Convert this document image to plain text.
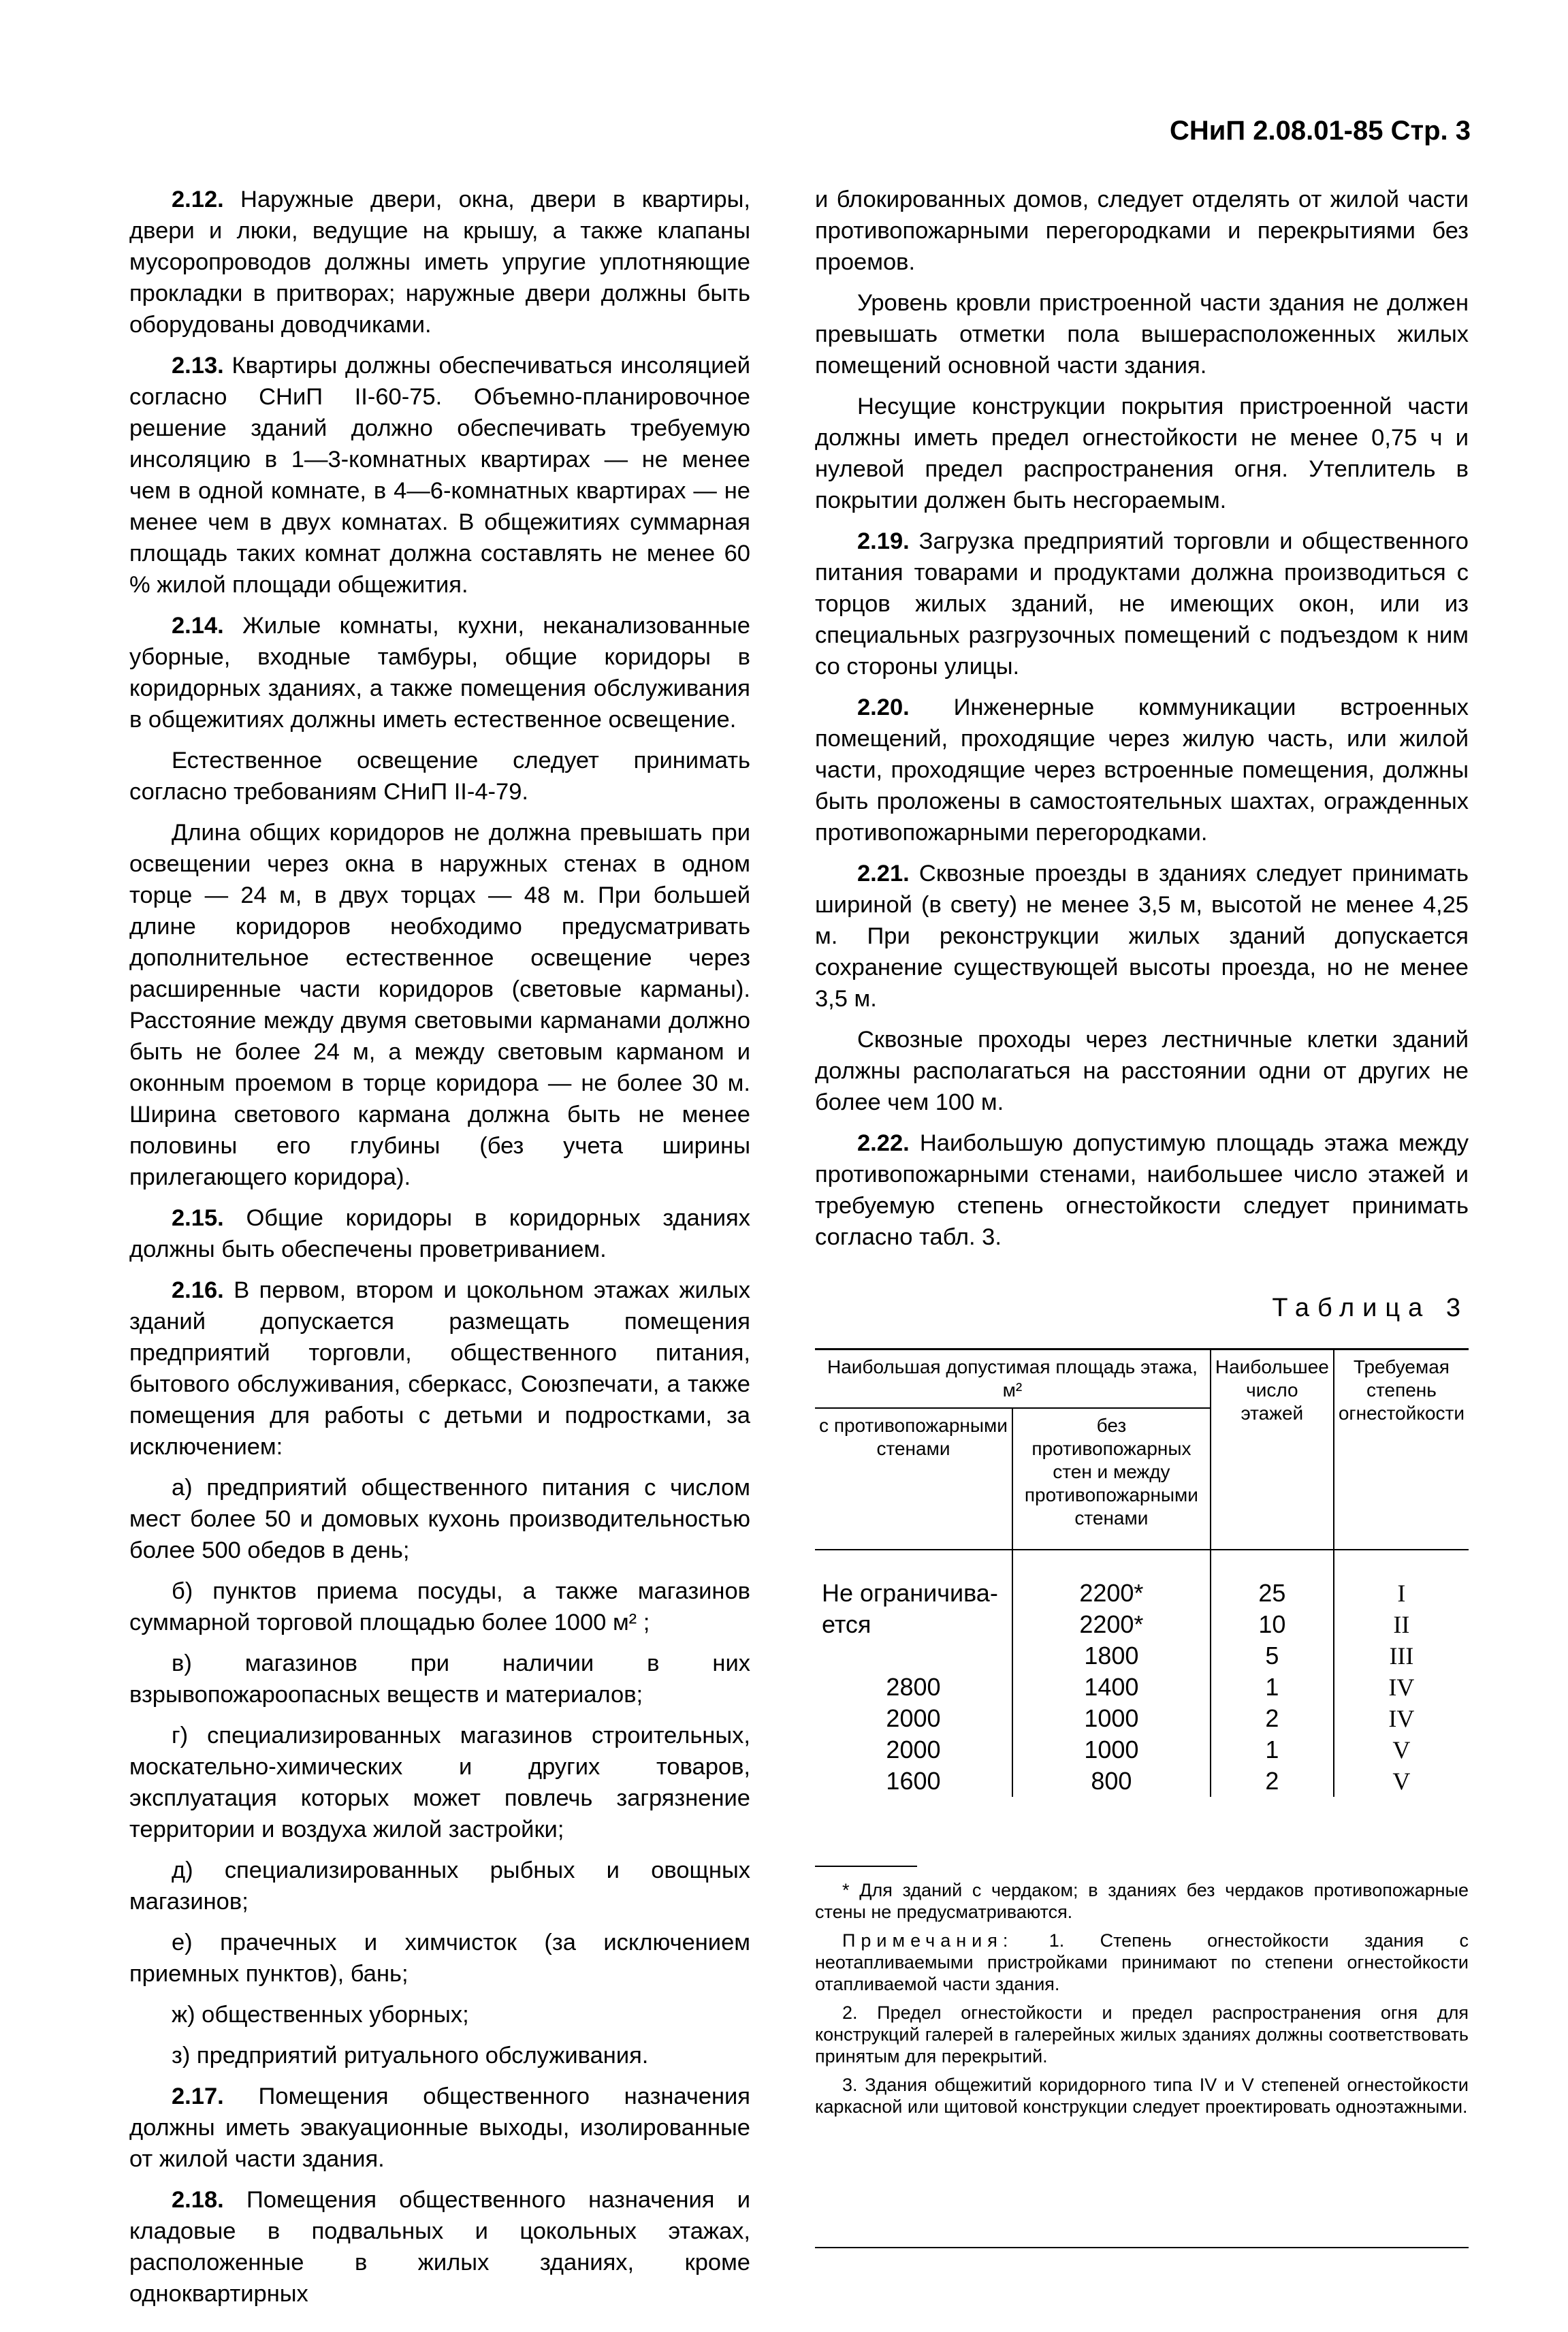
СНиП 2.08.01-85 Стр. 3

2.12. Наружные двери, окна, двери в квартиры, двери и люки, ведущие на крышу, а также клапаны мусоропроводов должны иметь упругие уплотняющие прокладки в притворах; наружные двери должны быть оборудованы доводчиками.

2.13. Квартиры должны обеспечиваться инсоляцией согласно СНиП II-60-75. Объемно-планировочное решение зданий должно обеспечивать требуемую инсоляцию в 1—3-комнатных квартирах — не менее чем в одной комнате, в 4—6-комнатных квартирах — не менее чем в двух комнатах. В общежитиях суммарная площадь таких комнат должна составлять не менее 60 % жилой площади общежития.

2.14. Жилые комнаты, кухни, неканализованные уборные, входные тамбуры, общие коридоры в коридорных зданиях, а также помещения обслуживания в общежитиях должны иметь естественное освещение.

Естественное освещение следует принимать согласно требованиям СНиП II-4-79.

Длина общих коридоров не должна превышать при освещении через окна в наружных стенах в одном торце — 24 м, в двух торцах — 48 м. При большей длине коридоров необходимо предусматривать дополнительное естественное освещение через расширенные части коридоров (световые карманы). Расстояние между двумя световыми карманами должно быть не более 24 м, а между световым карманом и оконным проемом в торце коридора — не более 30 м. Ширина светового кармана должна быть не менее половины его глубины (без учета ширины прилегающего коридора).

2.15. Общие коридоры в коридорных зданиях должны быть обеспечены проветриванием.

2.16. В первом, втором и цокольном этажах жилых зданий допускается размещать помещения предприятий торговли, общественного питания, бытового обслуживания, сберкасс, Союзпечати, а также помещения для работы с детьми и подростками, за исключением:

а) предприятий общественного питания с числом мест более 50 и домовых кухонь производительностью более 500 обедов в день;

б) пунктов приема посуды, а также магазинов суммарной торговой площадью более 1000 м² ;

в) магазинов при наличии в них взрывопожароопасных веществ и материалов;

г) специализированных магазинов строительных, москательно-химических и других товаров, эксплуатация которых может повлечь загрязнение территории и воздуха жилой застройки;

д) специализированных рыбных и овощных магазинов;

е) прачечных и химчисток (за исключением приемных пунктов), бань;

ж) общественных уборных;

з) предприятий ритуального обслуживания.

2.17. Помещения общественного назначения должны иметь эвакуационные выходы, изолированные от жилой части здания.

2.18. Помещения общественного назначения и кладовые в подвальных и цокольных этажах, расположенные в жилых зданиях, кроме одноквартирных

и блокированных домов, следует отделять от жилой части противопожарными перегородками и перекрытиями без проемов.

Уровень кровли пристроенной части здания не должен превышать отметки пола вышерасположенных жилых помещений основной части здания.

Несущие конструкции покрытия пристроенной части должны иметь предел огнестойкости не менее 0,75 ч и нулевой предел распространения огня. Утеплитель в покрытии должен быть несгораемым.

2.19. Загрузка предприятий торговли и общественного питания товарами и продуктами должна производиться с торцов жилых зданий, не имеющих окон, или из специальных разгрузочных помещений с подъездом к ним со стороны улицы.

2.20. Инженерные коммуникации встроенных помещений, проходящие через жилую часть, или жилой части, проходящие через встроенные помещения, должны быть проложены в самостоятельных шахтах, огражденных противопожарными перегородками.

2.21. Сквозные проезды в зданиях следует принимать шириной (в свету) не менее 3,5 м, высотой не менее 4,25 м. При реконструкции жилых зданий допускается сохранение существующей высоты проезда, но не менее 3,5 м.

Сквозные проходы через лестничные клетки зданий должны располагаться на расстоянии одни от других не более чем 100 м.

2.22. Наибольшую допустимую площадь этажа между противопожарными стенами, наибольшее число этажей и требуемую степень огнестойкости следует принимать согласно табл. 3.

Таблица 3
Наибольшая допустимая площадь этажа, м²		Наибольшее число этажей	Требуемая степень огнестойкости
с противопожарными стенами	без противопожарных стен и между противопожарными стенами		
Не ограничива-	2200*	25	I
ется	2200*	10	II
	1800	5	III
2800	1400	1	IV
2000	1000	2	IV
2000	1000	1	V
1600	800	2	V

* Для зданий с чердаком; в зданиях без чердаков противопожарные стены не предусматриваются.

Примечания: 1. Степень огнестойкости здания с неотапливаемыми пристройками принимают по степени огнестойкости отапливаемой части здания.

2. Предел огнестойкости и предел распространения огня для конструкций галерей в галерейных жилых зданиях должны соответствовать принятым для перекрытий.

3. Здания общежитий коридорного типа IV и V степеней огнестойкости каркасной или щитовой конструкции следует проектировать одноэтажными.
